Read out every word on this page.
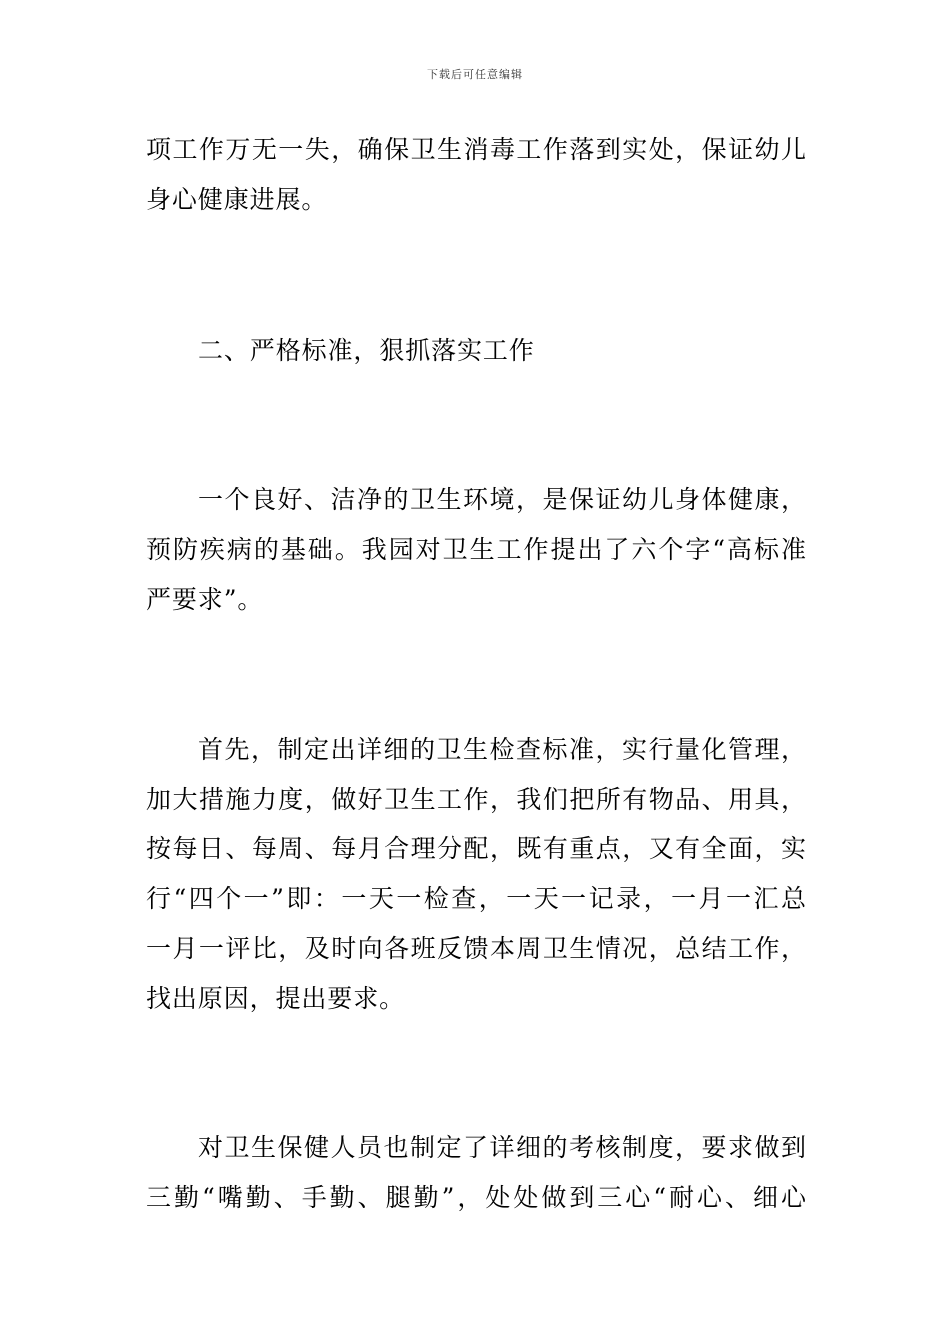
下载后可任意编辑
项工作万无一失，确保卫生消毒工作落到实处，保证幼儿
身心健康进展。
二、严格标准，狠抓落实工作
一个良好、洁净的卫生环境，是保证幼儿身体健康，
预防疾病的基础。我园对卫生工作提出了六个字“高标准
严要求”。
首先，制定出详细的卫生检查标准，实行量化管理，
加大措施力度，做好卫生工作，我们把所有物品、用具，
按每日、每周、每月合理分配，既有重点，又有全面，实
行“四个一”即：一天一检查，一天一记录，一月一汇总
一月一评比，及时向各班反馈本周卫生情况，总结工作，
找出原因，提出要求。
对卫生保健人员也制定了详细的考核制度，要求做到
三勤“嘴勤、手勤、腿勤”，处处做到三心“耐心、细心
